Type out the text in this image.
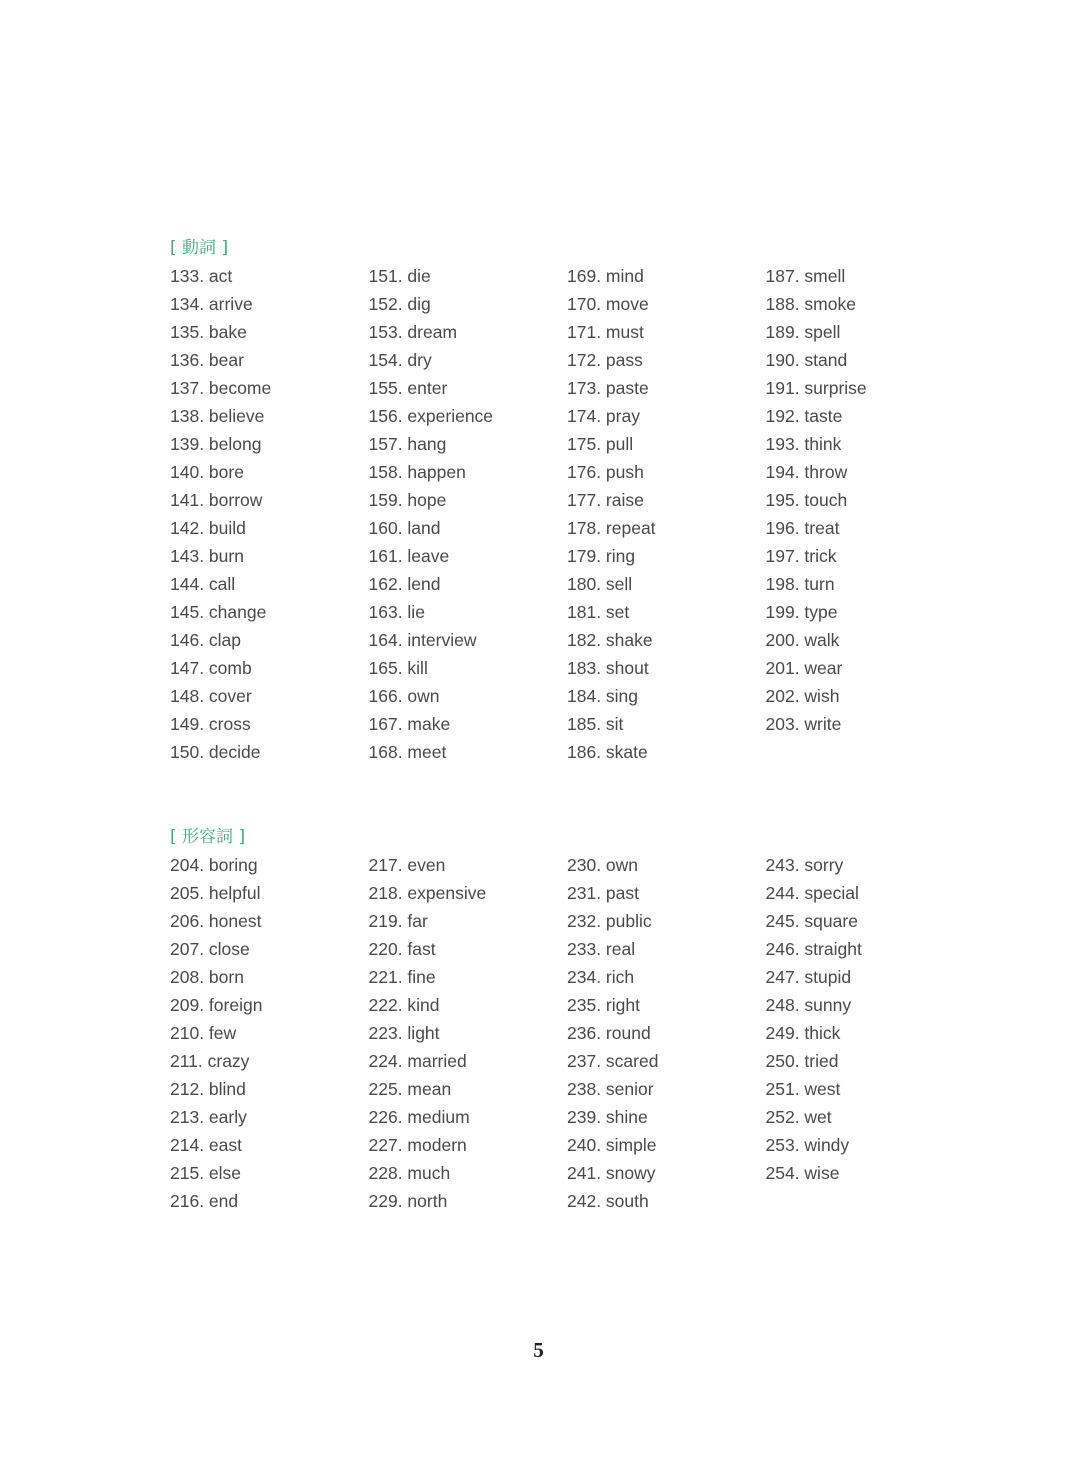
[ 動詞 ]
133. act
134. arrive
135. bake
136. bear
137. become
138. believe
139. belong
140. bore
141. borrow
142. build
143. burn
144. call
145. change
146. clap
147. comb
148. cover
149. cross
150. decide
151. die
152. dig
153. dream
154. dry
155. enter
156. experience
157. hang
158. happen
159. hope
160. land
161. leave
162. lend
163. lie
164. interview
165. kill
166. own
167. make
168. meet
169. mind
170. move
171. must
172. pass
173. paste
174. pray
175. pull
176. push
177. raise
178. repeat
179. ring
180. sell
181. set
182. shake
183. shout
184. sing
185. sit
186. skate
187. smell
188. smoke
189. spell
190. stand
191. surprise
192. taste
193. think
194. throw
195. touch
196. treat
197. trick
198. turn
199. type
200. walk
201. wear
202. wish
203. write
[ 形容詞 ]
204. boring
205. helpful
206. honest
207. close
208. born
209. foreign
210. few
211. crazy
212. blind
213. early
214. east
215. else
216. end
217. even
218. expensive
219. far
220. fast
221. fine
222. kind
223. light
224. married
225. mean
226. medium
227. modern
228. much
229. north
230. own
231. past
232. public
233. real
234. rich
235. right
236. round
237. scared
238. senior
239. shine
240. simple
241. snowy
242. south
243. sorry
244. special
245. square
246. straight
247. stupid
248. sunny
249. thick
250. tried
251. west
252. wet
253. windy
254. wise
5
